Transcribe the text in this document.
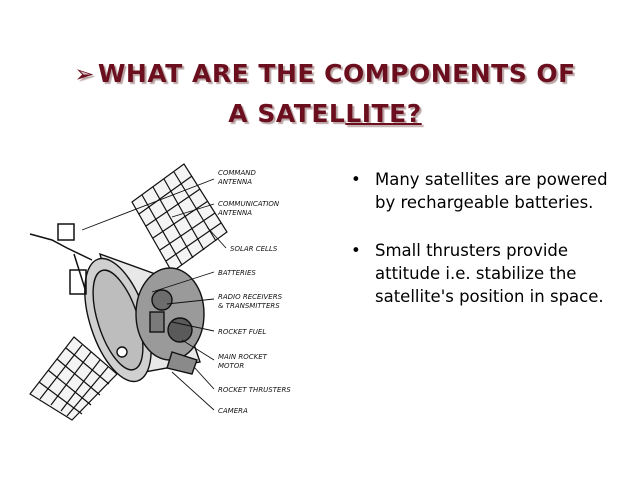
➢ WHAT ARE THE COMPONENTS OF
A SATELLITE?
COMMAND
ANTENNA
COMMUNICATION
ANTENNA
SOLAR CELLS
BATTERIES
RADIO RECEIVERS
& TRANSMITTERS
ROCKET FUEL
MAIN ROCKET
MOTOR
ROCKET THRUSTERS
CAMERA
• Many satellites are powered by rechargeable batteries.
• Small thrusters provide attitude i.e. stabilize the satellite's position in space.
